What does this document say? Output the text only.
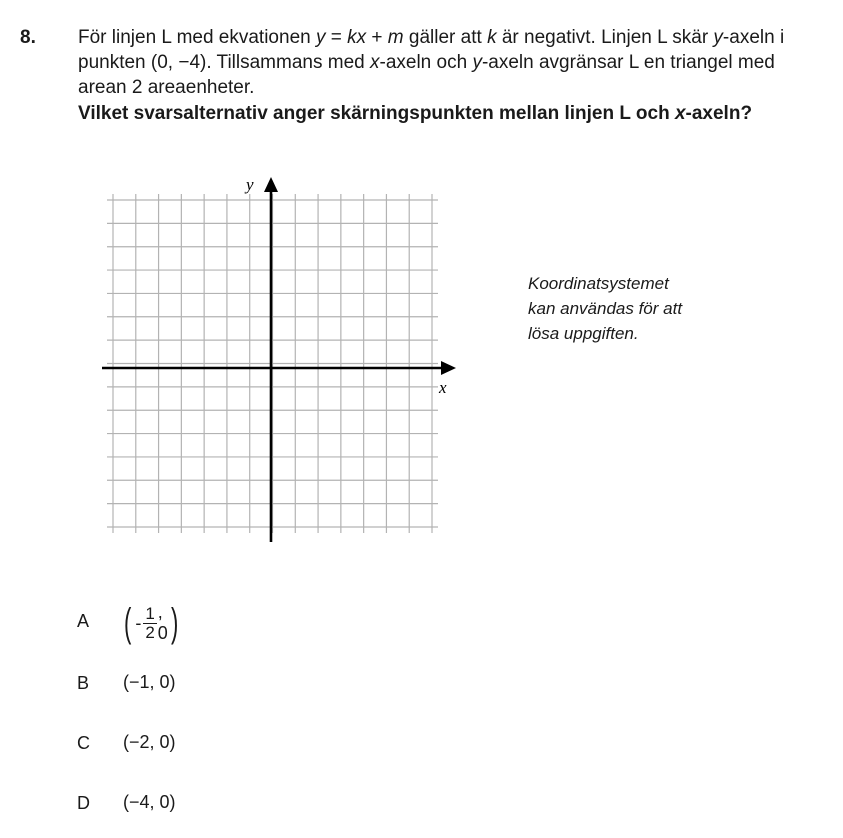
8. För linjen L med ekvationen y = kx + m gäller att k är negativt. Linjen L skär y-axeln i punkten (0, −4). Tillsammans med x-axeln och y-axeln avgränsar L en triangel med arean 2 areaenheter.

Vilket svarsalternativ anger skärningspunkten mellan linjen L och x-axeln?

x
y

Koordinatsystemet
kan användas för att
lösa uppgiften.

A ( - $\frac{1}{2}$ , 0 )
B	(−1, 0)
C	(−2, 0)
D	(−4, 0)
